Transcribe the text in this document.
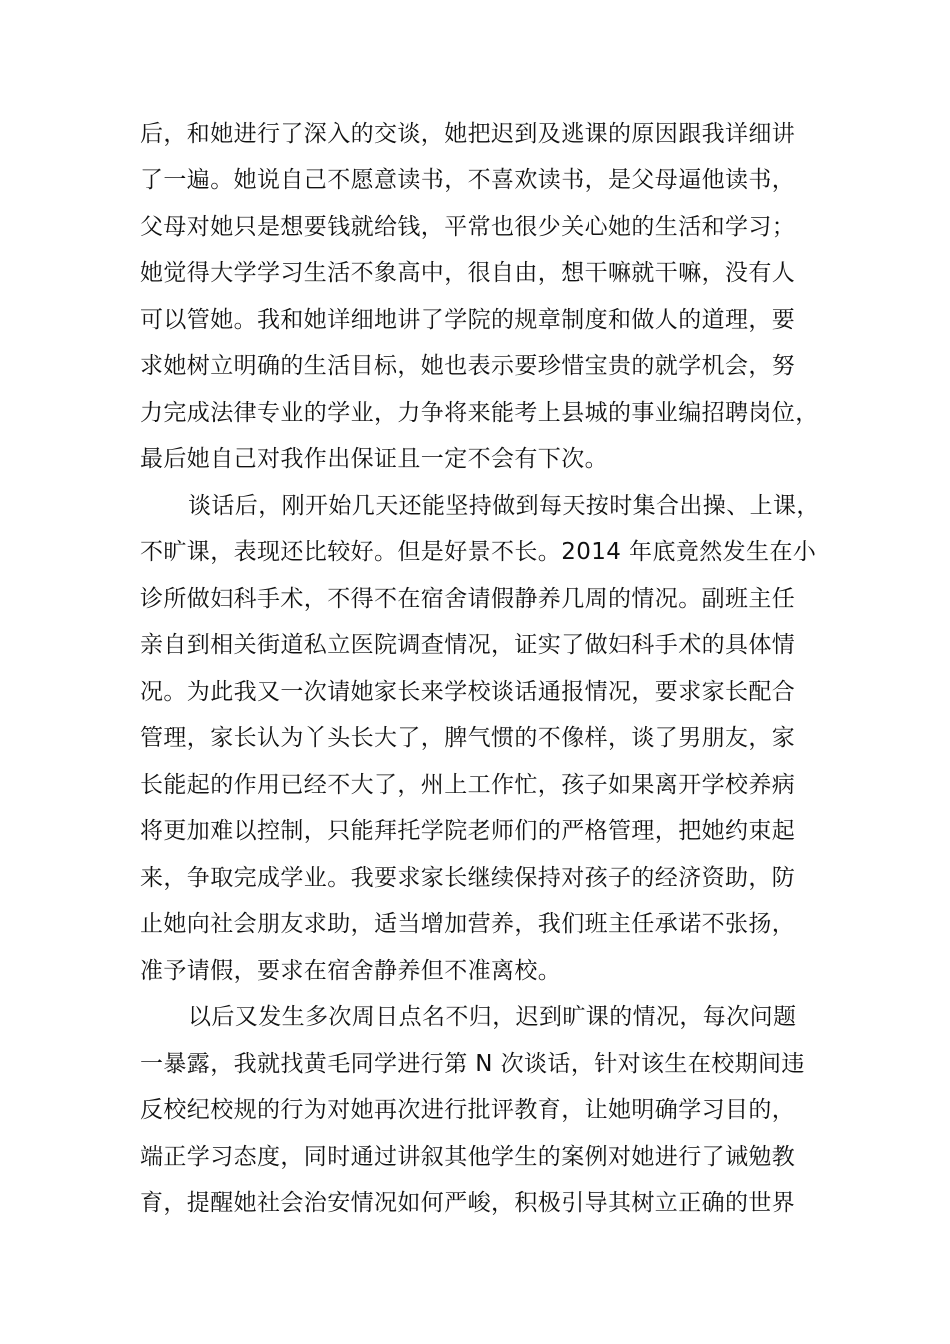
后，和她进行了深入的交谈，她把迟到及逃课的原因跟我详细讲
了一遍。她说自己不愿意读书，不喜欢读书，是父母逼他读书，
父母对她只是想要钱就给钱，平常也很少关心她的生活和学习；
她觉得大学学习生活不象高中，很自由，想干嘛就干嘛，没有人
可以管她。我和她详细地讲了学院的规章制度和做人的道理，要
求她树立明确的生活目标，她也表示要珍惜宝贵的就学机会，努
力完成法律专业的学业，力争将来能考上县城的事业编招聘岗位，
最后她自己对我作出保证且一定不会有下次。
谈话后，刚开始几天还能坚持做到每天按时集合出操、上课，
不旷课，表现还比较好。但是好景不长。2014 年底竟然发生在小
诊所做妇科手术，不得不在宿舍请假静养几周的情况。副班主任
亲自到相关街道私立医院调查情况，证实了做妇科手术的具体情
况。为此我又一次请她家长来学校谈话通报情况，要求家长配合
管理，家长认为丫头长大了，脾气惯的不像样，谈了男朋友，家
长能起的作用已经不大了，州上工作忙，孩子如果离开学校养病
将更加难以控制，只能拜托学院老师们的严格管理，把她约束起
来，争取完成学业。我要求家长继续保持对孩子的经济资助，防
止她向社会朋友求助，适当增加营养，我们班主任承诺不张扬，
准予请假，要求在宿舍静养但不准离校。
以后又发生多次周日点名不归，迟到旷课的情况，每次问题
一暴露，我就找黄毛同学进行第 N 次谈话，针对该生在校期间违
反校纪校规的行为对她再次进行批评教育，让她明确学习目的，
端正学习态度，同时通过讲叙其他学生的案例对她进行了诫勉教
育，提醒她社会治安情况如何严峻，积极引导其树立正确的世界
